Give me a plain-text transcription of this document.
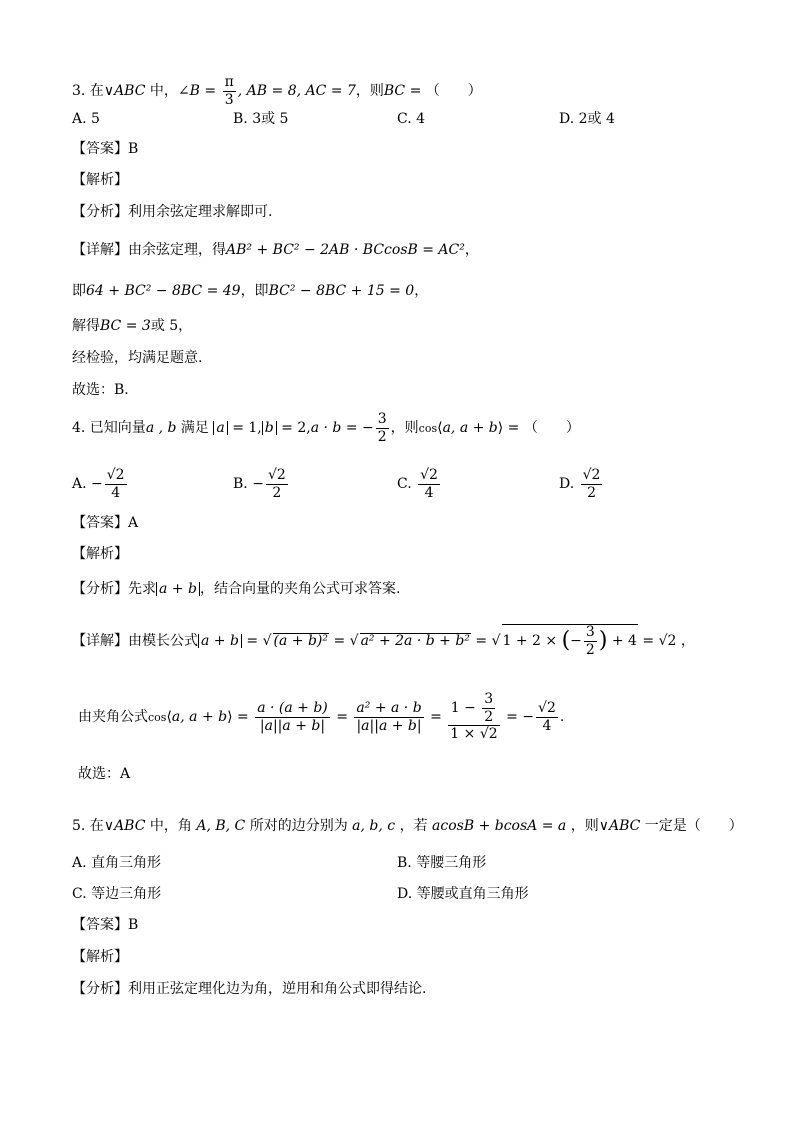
3. 在∨ABC 中，∠B = $\frac{\pi}{3}$ , AB = 8, AC = 7，则BC = （　　）
A. 5	B. 3或 5	C. 4	D. 2或 4
【答案】B
【解析】
【分析】利用余弦定理求解即可.
【详解】由余弦定理，得AB² + BC² − 2AB · BCcosB = AC²，
即64 + BC² − 8BC = 49，即BC² − 8BC + 15 = 0，
解得BC = 3或 5，
经检验，均满足题意.
故选：B.
4. 已知向量a , b 满足 a = 1, b = 2,a · b = − $\frac{3}{2}$ ，则cos⟨a, a + b⟩ = （　　）
A. − $\frac{√2}{4}$	B. − $\frac{√2}{2}$	C. $\frac{√2}{4}$	D. $\frac{√2}{2}$
【答案】A
【解析】
【分析】先求 a + b ，结合向量的夹角公式可求答案.
【详解】由模长公式 a + b = √ (a + b)² = √ a² + 2a · b + b² = √ 1 + 2 × (− $\frac{3}{2}$ ) + 4 = √2 ，
由夹角公式cos⟨a, a + b⟩ = $\frac{a \cdot (a + b)}{|a||a + b|} = \frac{\text{a² + a · b}}{|a||a + b|} = \frac{1 - \frac{3}{2}}{1 \times √2}$ = − $\frac{√2}{4}$ .
故选：A
5. 在∨ABC 中，角 A, B, C 所对的边分别为 a, b, c ，若 acosB + bcosA = a ，则∨ABC 一定是（　　）
A. 直角三角形	B. 等腰三角形
C. 等边三角形	D. 等腰或直角三角形
【答案】B
【解析】
【分析】利用正弦定理化边为角，逆用和角公式即得结论.
